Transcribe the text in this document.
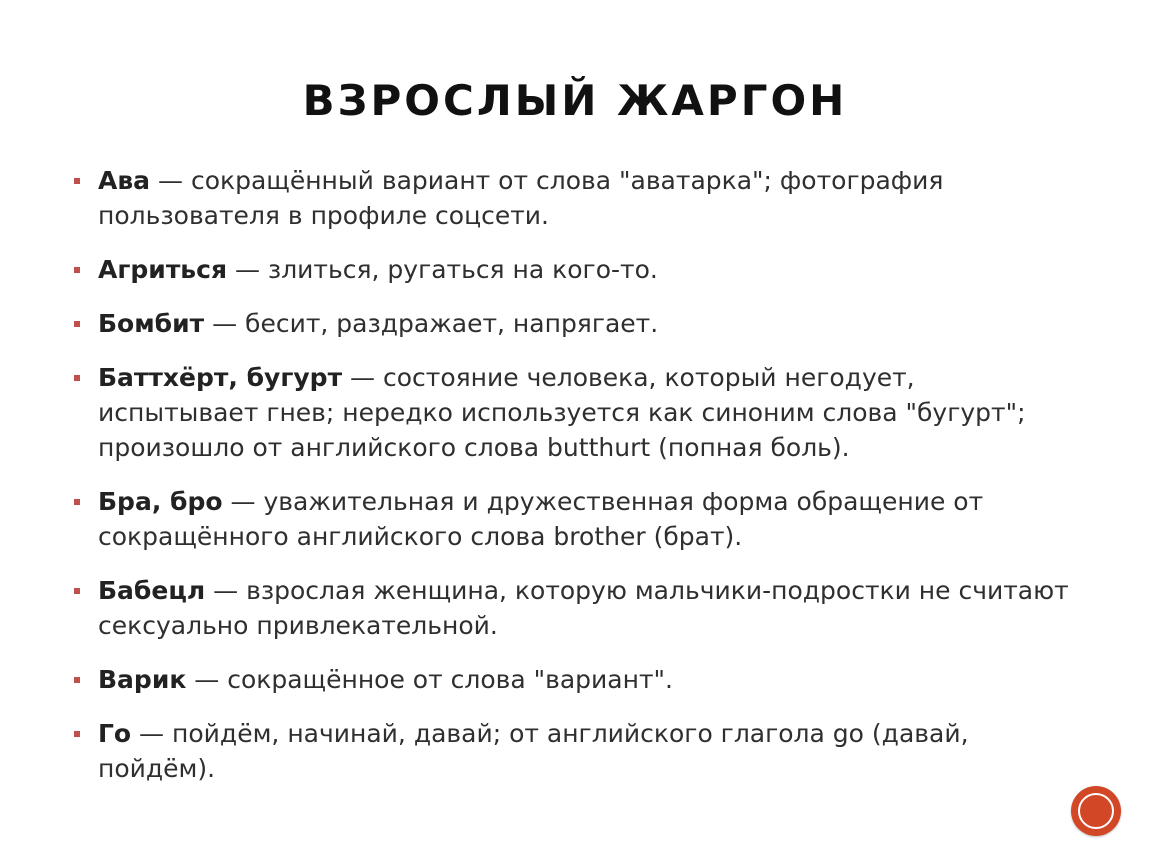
ВЗРОСЛЫЙ ЖАРГОН
Ава — сокращённый вариант от слова "аватарка"; фотография пользователя в профиле соцсети.
Агриться — злиться, ругаться на кого-то.
Бомбит — бесит, раздражает, напрягает.
Баттхёрт, бугурт — состояние человека, который негодует, испытывает гнев; нередко используется как синоним слова "бугурт"; произошло от английского слова butthurt (попная боль).
Бра, бро — уважительная и дружественная форма обращение от сокращённого английского слова brother (брат).
Бабецл — взрослая женщина, которую мальчики-подростки не считают сексуально привлекательной.
Варик — сокращённое от слова "вариант".
Го — пойдём, начинай, давай; от английского глагола go (давай, пойдём).
